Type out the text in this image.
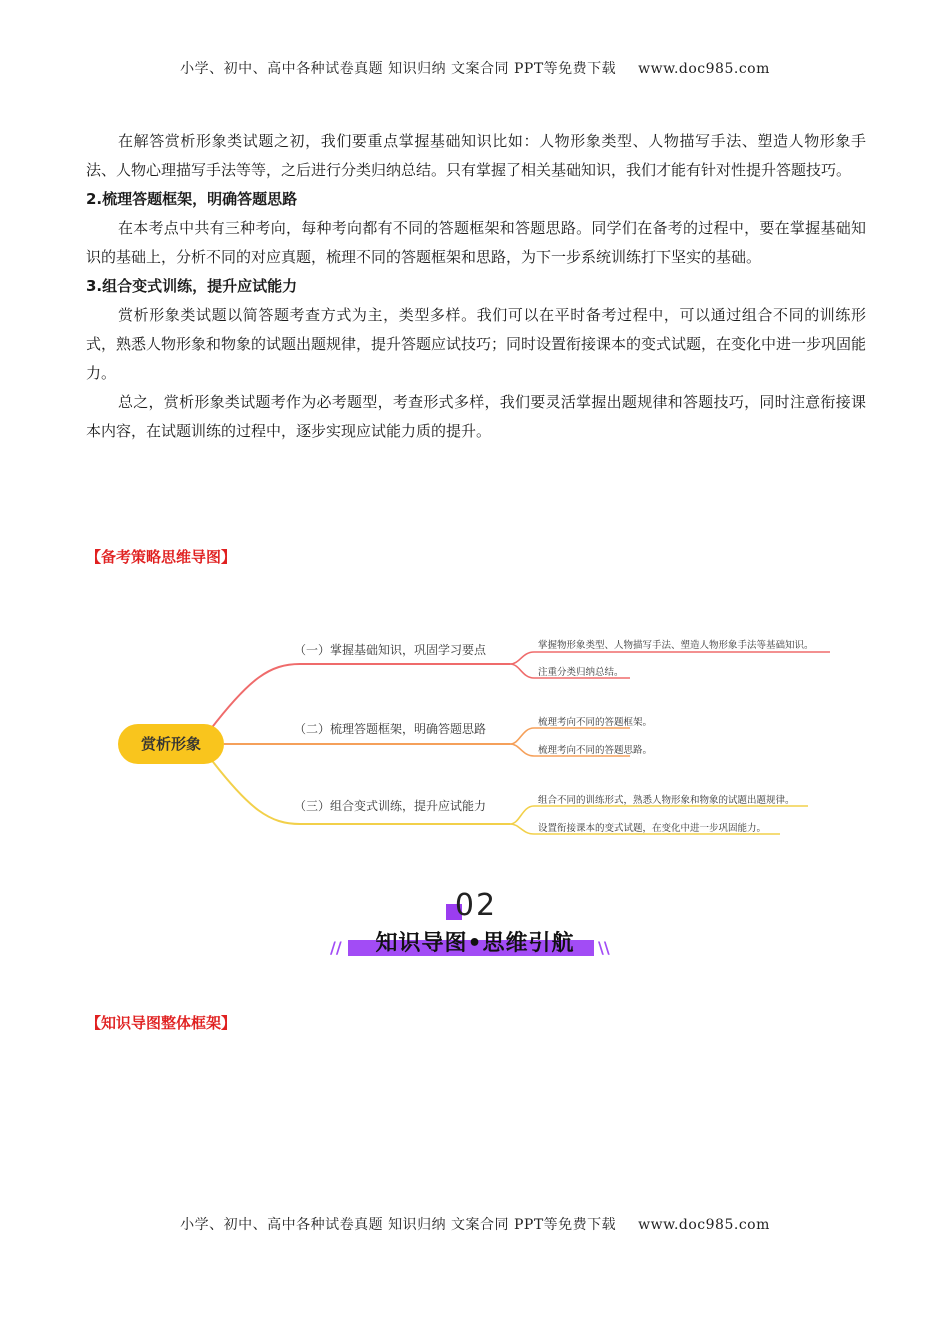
小学、初中、高中各种试卷真题 知识归纳 文案合同 PPT等免费下载 www.doc985.com

在解答赏析形象类试题之初，我们要重点掌握基础知识比如：人物形象类型、人物描写手法、塑造人物形象手法、人物心理描写手法等等，之后进行分类归纳总结。只有掌握了相关基础知识，我们才能有针对性提升答题技巧。

2.梳理答题框架，明确答题思路

在本考点中共有三种考向，每种考向都有不同的答题框架和答题思路。同学们在备考的过程中，要在掌握基础知识的基础上，分析不同的对应真题，梳理不同的答题框架和思路，为下一步系统训练打下坚实的基础。

3.组合变式训练，提升应试能力

赏析形象类试题以简答题考查方式为主，类型多样。我们可以在平时备考过程中，可以通过组合不同的训练形式，熟悉人物形象和物象的试题出题规律，提升答题应试技巧；同时设置衔接课本的变式试题，在变化中进一步巩固能力。

总之，赏析形象类试题考作为必考题型，考查形式多样，我们要灵活掌握出题规律和答题技巧，同时注意衔接课本内容，在试题训练的过程中，逐步实现应试能力质的提升。

【备考策略思维导图】
赏析形象
（一）掌握基础知识，巩固学习要点
（二）梳理答题框架，明确答题思路
（三）组合变式训练，提升应试能力
掌握物形象类型、人物描写手法、塑造人物形象手法等基础知识。
注重分类归纳总结。
梳理考向不同的答题框架。
梳理考向不同的答题思路。
组合不同的训练形式，熟悉人物形象和物象的试题出题规律。
设置衔接课本的变式试题，在变化中进一步巩固能力。
02
//	知识导图•思维引航	\\
【知识导图整体框架】
小学、初中、高中各种试卷真题 知识归纳 文案合同 PPT等免费下载 www.doc985.com
